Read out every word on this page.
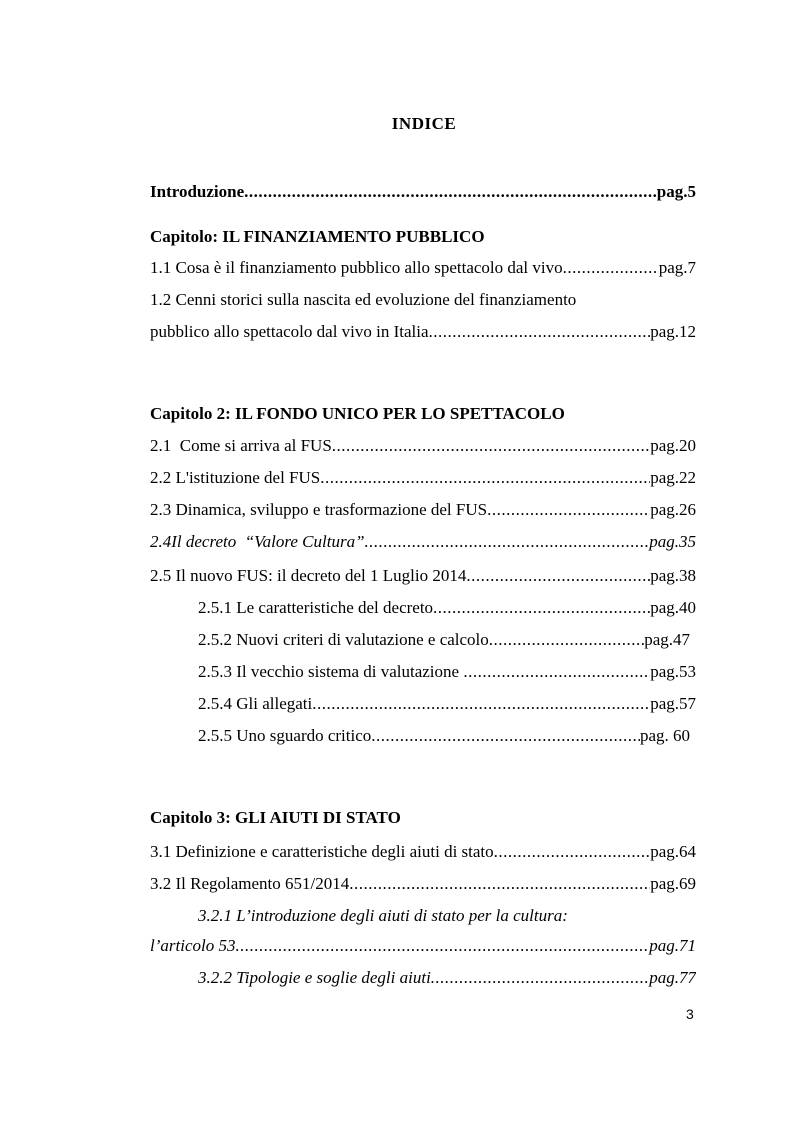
INDICE
Introduzione .....	pag.5
Capitolo: IL FINANZIAMENTO PUBBLICO
1.1 Cosa è il finanziamento pubblico allo spettacolo dal vivo .....	pag.7
1.2 Cenni storici sulla nascita ed evoluzione del finanziamento
pubblico allo spettacolo dal vivo in Italia .....	pag.12
Capitolo 2: IL FONDO UNICO PER LO SPETTACOLO
2.1  Come si arriva al FUS .....	pag.20
2.2 L'istituzione del FUS .....	pag.22
2.3 Dinamica, sviluppo e trasformazione del FUS .....	pag.26
2.4Il decreto  “Valore Cultura” .....	pag.35
2.5 Il nuovo FUS: il decreto del 1 Luglio 2014 .....	pag.38
2.5.1 Le caratteristiche del decreto .....	pag.40
2.5.2 Nuovi criteri di valutazione e calcolo .....	pag.47
2.5.3 Il vecchio sistema di valutazione .....	pag.53
2.5.4 Gli allegati .....	pag.57
2.5.5 Uno sguardo critico .....	pag. 60
Capitolo 3: GLI AIUTI DI STATO
3.1 Definizione e caratteristiche degli aiuti di stato .....	pag.64
3.2 Il Regolamento 651/2014 .....	pag.69
3.2.1 L’introduzione degli aiuti di stato per la cultura:
l’articolo 53 .....	pag.71
3.2.2 Tipologie e soglie degli aiuti .....	pag.77
3
